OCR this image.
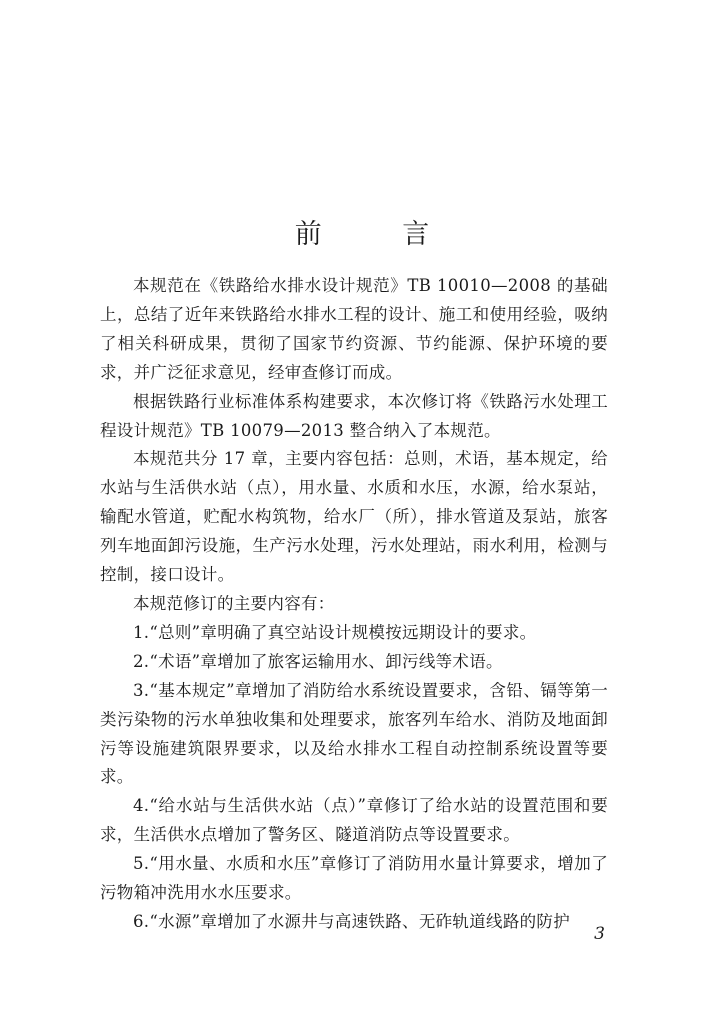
前 言

本规范在《铁路给水排水设计规范》TB 10010—2008 的基础上，总结了近年来铁路给水排水工程的设计、施工和使用经验，吸纳了相关科研成果，贯彻了国家节约资源、节约能源、保护环境的要求，并广泛征求意见，经审查修订而成。

根据铁路行业标准体系构建要求，本次修订将《铁路污水处理工程设计规范》TB 10079—2013 整合纳入了本规范。

本规范共分 17 章，主要内容包括：总则，术语，基本规定，给水站与生活供水站（点），用水量、水质和水压，水源，给水泵站，输配水管道，贮配水构筑物，给水厂（所），排水管道及泵站，旅客列车地面卸污设施，生产污水处理，污水处理站，雨水利用，检测与控制，接口设计。

本规范修订的主要内容有：

1.“总则”章明确了真空站设计规模按远期设计的要求。

2.“术语”章增加了旅客运输用水、卸污线等术语。

3.“基本规定”章增加了消防给水系统设置要求，含铅、镉等第一类污染物的污水单独收集和处理要求，旅客列车给水、消防及地面卸污等设施建筑限界要求，以及给水排水工程自动控制系统设置等要求。

4.“给水站与生活供水站（点）”章修订了给水站的设置范围和要求，生活供水点增加了警务区、隧道消防点等设置要求。

5.“用水量、水质和水压”章修订了消防用水量计算要求，增加了污物箱冲洗用水水压要求。

6.“水源”章增加了水源井与高速铁路、无砟轨道线路的防护

3
